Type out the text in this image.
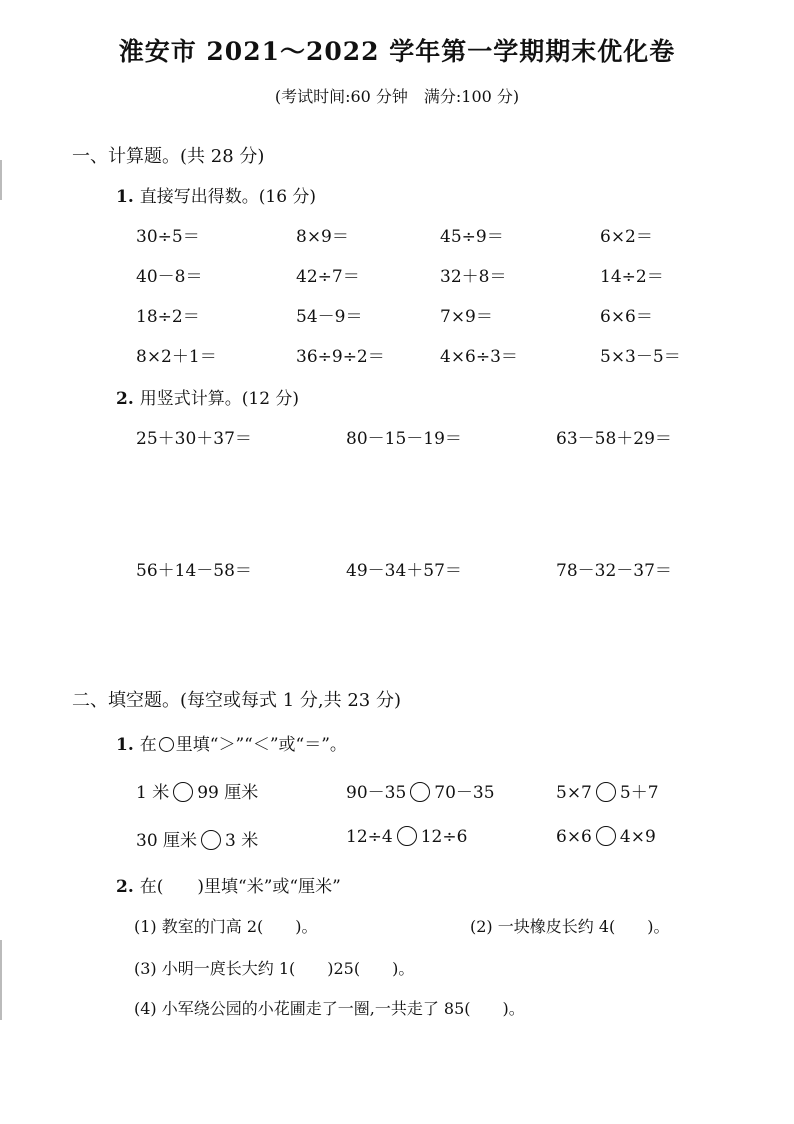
淮安市 2021～2022 学年第一学期期末优化卷
(考试时间:60 分钟　满分:100 分)
一、计算题。(共 28 分)
1. 直接写出得数。(16 分)
30÷5＝	8×9＝	45÷9＝	6×2＝
40－8＝	42÷7＝	32＋8＝	14÷2＝
18÷2＝	54－9＝	7×9＝	6×6＝
8×2＋1＝	36÷9÷2＝	4×6÷3＝	5×3－5＝
2. 用竖式计算。(12 分)
25＋30＋37＝	80－15－19＝	63－58＋29＝
56＋14－58＝	49－34＋57＝	78－32－37＝
二、填空题。(每空或每式 1 分,共 23 分)
1. 在 里填“＞”“＜”或“＝”。
1 米 99 厘米	90－35 70－35	5×7 5＋7
30 厘米 3 米	12÷4 12÷6	6×6 4×9
2. 在(　　)里填“米”或“厘米”
(1) 教室的门高 2(　　)。	(2) 一块橡皮长约 4(　　)。
(3) 小明一庹长大约 1(　　)25(　　)。
(4) 小军绕公园的小花圃走了一圈,一共走了 85(　　)。
